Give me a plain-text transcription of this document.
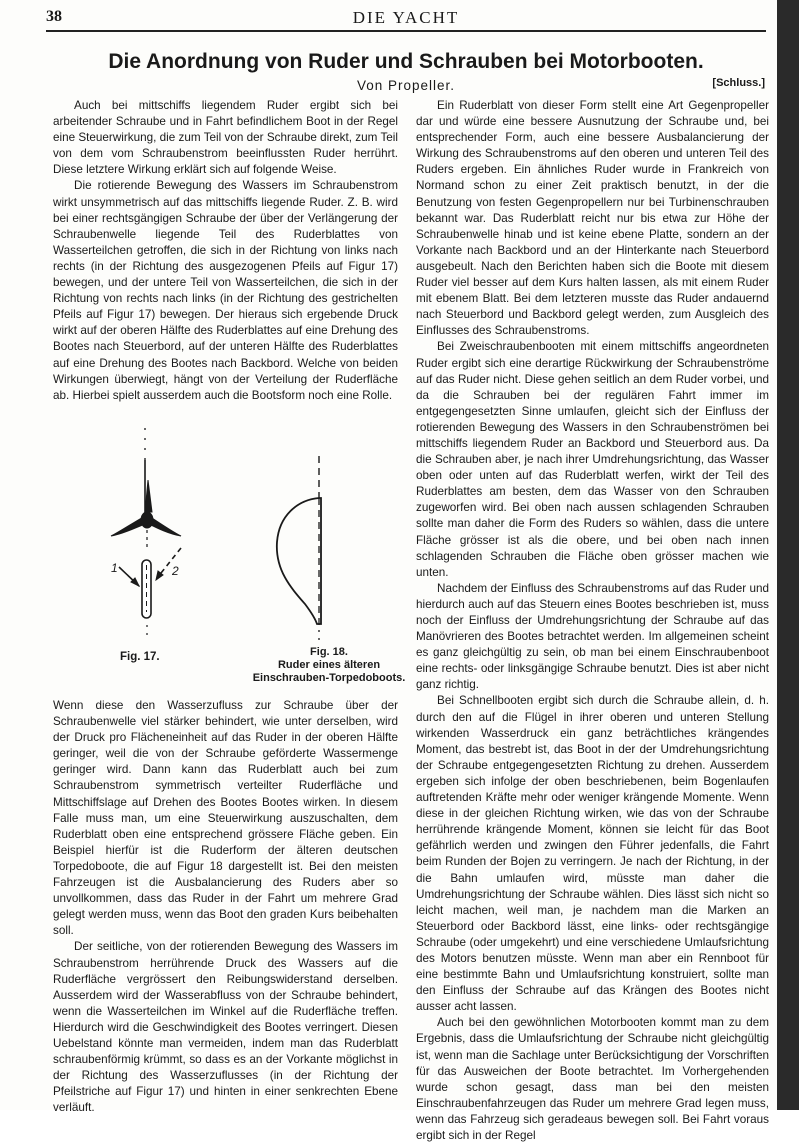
38	DIE YACHT
Die Anordnung von Ruder und Schrauben bei Motorbooten.
Von Propeller.	[Schluss.]

Auch bei mittschiffs liegendem Ruder ergibt sich bei arbeitender Schraube und in Fahrt befindlichem Boot in der Regel eine Steuerwirkung, die zum Teil von der Schraube direkt, zum Teil von dem vom Schraubenstrom beeinflussten Ruder herrührt. Diese letztere Wirkung erklärt sich auf folgende Weise.

Die rotierende Bewegung des Wassers im Schraubenstrom wirkt unsymmetrisch auf das mittschiffs liegende Ruder. Z. B. wird bei einer rechtsgängigen Schraube der über der Verlängerung der Schraubenwelle liegende Teil des Ruderblattes von Wasserteilchen getroffen, die sich in der Richtung von links nach rechts (in der Richtung des ausgezogenen Pfeils auf Figur 17) bewegen, und der untere Teil von Wasserteilchen, die sich in der Richtung von rechts nach links (in der Richtung des gestrichelten Pfeils auf Figur 17) bewegen. Der hieraus sich ergebende Druck wirkt auf der oberen Hälfte des Ruderblattes auf eine Drehung des Bootes nach Steuerbord, auf der unteren Hälfte des Ruderblattes auf eine Drehung des Bootes nach Backbord. Welche von beiden Wirkungen überwiegt, hängt von der Verteilung der Ruderfläche ab. Hierbei spielt ausserdem auch die Bootsform noch eine Rolle.

1	2
Fig. 17.	Fig. 18.
Ruder eines älteren Einschrauben-Torpedoboots.

Wenn diese den Wasserzufluss zur Schraube über der Schraubenwelle viel stärker behindert, wie unter derselben, wird der Druck pro Flächeneinheit auf das Ruder in der oberen Hälfte geringer, weil die von der Schraube geförderte Wassermenge geringer wird. Dann kann das Ruderblatt auch bei zum Schraubenstrom symmetrisch verteilter Ruderfläche und Mittschiffslage auf Drehen des Bootes Bootes wirken. In diesem Falle muss man, um eine Steuerwirkung auszuschalten, dem Ruderblatt oben eine entsprechend grössere Fläche geben. Ein Beispiel hierfür ist die Ruderform der älteren deutschen Torpedoboote, die auf Figur 18 dargestellt ist. Bei den meisten Fahrzeugen ist die Ausbalancierung des Ruders aber so unvollkommen, dass das Ruder in der Fahrt um mehrere Grad gelegt werden muss, wenn das Boot den graden Kurs beibehalten soll.

Der seitliche, von der rotierenden Bewegung des Wassers im Schraubenstrom herrührende Druck des Wassers auf die Ruderfläche vergrössert den Reibungswiderstand derselben. Ausserdem wird der Wasserabfluss von der Schraube behindert, wenn die Wasserteilchen im Winkel auf die Ruderfläche treffen. Hierdurch wird die Geschwindigkeit des Bootes verringert. Diesen Uebelstand könnte man vermeiden, indem man das Ruderblatt schraubenförmig krümmt, so dass es an der Vorkante möglichst in der Richtung des Wasserzuflusses (in der Richtung der Pfeilstriche auf Figur 17) und hinten in einer senkrechten Ebene verläuft.

Ein Ruderblatt von dieser Form stellt eine Art Gegenpropeller dar und würde eine bessere Ausnutzung der Schraube und, bei entsprechender Form, auch eine bessere Ausbalancierung der Wirkung des Schraubenstroms auf den oberen und unteren Teil des Ruders ergeben. Ein ähnliches Ruder wurde in Frankreich von Normand schon zu einer Zeit praktisch benutzt, in der die Benutzung von festen Gegenpropellern nur bei Turbinenschrauben bekannt war. Das Ruderblatt reicht nur bis etwa zur Höhe der Schraubenwelle hinab und ist keine ebene Platte, sondern an der Vorkante nach Backbord und an der Hinterkante nach Steuerbord ausgebeult. Nach den Berichten haben sich die Boote mit diesem Ruder viel besser auf dem Kurs halten lassen, als mit einem Ruder mit ebenem Blatt. Bei dem letzteren musste das Ruder andauernd nach Steuerbord und Backbord gelegt werden, zum Ausgleich des Einflusses des Schraubenstroms.

Bei Zweischraubenbooten mit einem mittschiffs angeordneten Ruder ergibt sich eine derartige Rückwirkung der Schraubenströme auf das Ruder nicht. Diese gehen seitlich an dem Ruder vorbei, und da die Schrauben bei der regulären Fahrt immer im entgegengesetzten Sinne umlaufen, gleicht sich der Einfluss der rotierenden Bewegung des Wassers in den Schraubenströmen bei mittschiffs liegendem Ruder an Backbord und Steuerbord aus. Da die Schrauben aber, je nach ihrer Umdrehungsrichtung, das Wasser oben oder unten auf das Ruderblatt werfen, wirkt der Teil des Ruderblattes am besten, dem das Wasser von den Schrauben zugeworfen wird. Bei oben nach aussen schlagenden Schrauben sollte man daher die Form des Ruders so wählen, dass die untere Fläche grösser ist als die obere, und bei oben nach innen schlagenden Schrauben die Fläche oben grösser machen wie unten.

Nachdem der Einfluss des Schraubenstroms auf das Ruder und hierdurch auch auf das Steuern eines Bootes beschrieben ist, muss noch der Einfluss der Umdrehungsrichtung der Schraube auf das Manövrieren des Bootes betrachtet werden. Im allgemeinen scheint es ganz gleichgültig zu sein, ob man bei einem Einschraubenboot eine rechts- oder linksgängige Schraube benutzt. Dies ist aber nicht ganz richtig.

Bei Schnellbooten ergibt sich durch die Schraube allein, d. h. durch den auf die Flügel in ihrer oberen und unteren Stellung wirkenden Wasserdruck ein ganz beträchtliches krängendes Moment, das bestrebt ist, das Boot in der der Umdrehungsrichtung der Schraube entgegengesetzten Richtung zu drehen. Ausserdem ergeben sich infolge der oben beschriebenen, beim Bogenlaufen auftretenden Kräfte mehr oder weniger krängende Momente. Wenn diese in der gleichen Richtung wirken, wie das von der Schraube herrührende krängende Moment, können sie leicht für das Boot gefährlich werden und zwingen den Führer jedenfalls, die Fahrt beim Runden der Bojen zu verringern. Je nach der Richtung, in der die Bahn umlaufen wird, müsste man daher die Umdrehungsrichtung der Schraube wählen. Dies lässt sich nicht so leicht machen, weil man, je nachdem man die Marken an Steuerbord oder Backbord lässt, eine links- oder rechtsgängige Schraube (oder umgekehrt) und eine verschiedene Umlaufsrichtung des Motors benutzen müsste. Wenn man aber ein Rennboot für eine bestimmte Bahn und Umlaufsrichtung konstruiert, sollte man den Einfluss der Schraube auf das Krängen des Bootes nicht ausser acht lassen.

Auch bei den gewöhnlichen Motorbooten kommt man zu dem Ergebnis, dass die Umlaufsrichtung der Schraube nicht gleichgültig ist, wenn man die Sachlage unter Berücksichtigung der Vorschriften für das Ausweichen der Boote betrachtet. Im Vorhergehenden wurde schon gesagt, dass man bei den meisten Einschraubenfahrzeugen das Ruder um mehrere Grad legen muss, wenn das Fahrzeug sich geradeaus bewegen soll. Bei Fahrt voraus ergibt sich in der Regel
